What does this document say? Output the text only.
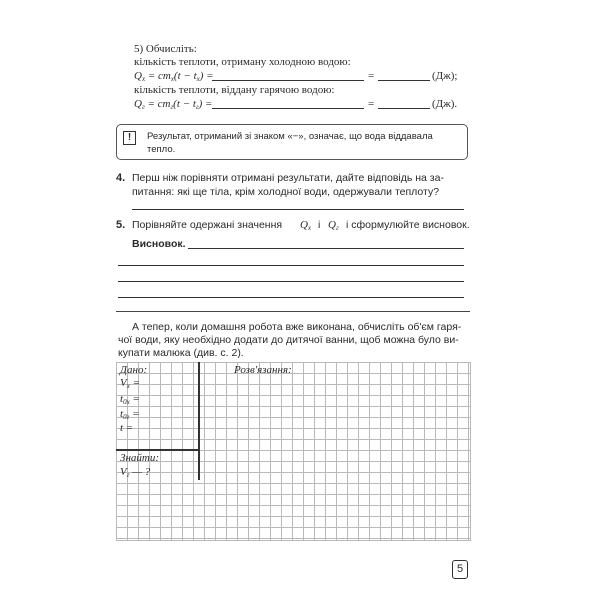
5) Обчисліть:
кількість теплоти, отриману холодною водою:
$Q_х = cm_х(t - t_х)$ =	=	(Дж);
кількість теплоти, віддану гарячою водою:
$Q_г = cm_г(t - t_г)$ =	=	(Дж).
!	Результат, отриманий зі знаком «−», означає, що вода віддавала
тепло.
4. Перш ніж порівняти отримані результати, дайте відповідь на за-
питання: які ще тіла, крім холодної води, одержували теплоту?
5. Порівняйте одержані значення $Q_х$ і $Q_г$ і сформулюйте висновок.
Висновок.
А тепер, коли домашня робота вже виконана, обчисліть об'єм гаря-
чої води, яку необхідно додати до дитячої ванни, щоб можна було ви-
купати малюка (див. с. 2).
Дано:
$V_х$ =
$t_{0х}$ =
$t_{0г}$ =
t =
Знайти:
$V_г$ — ?
Розв'язання:
5
